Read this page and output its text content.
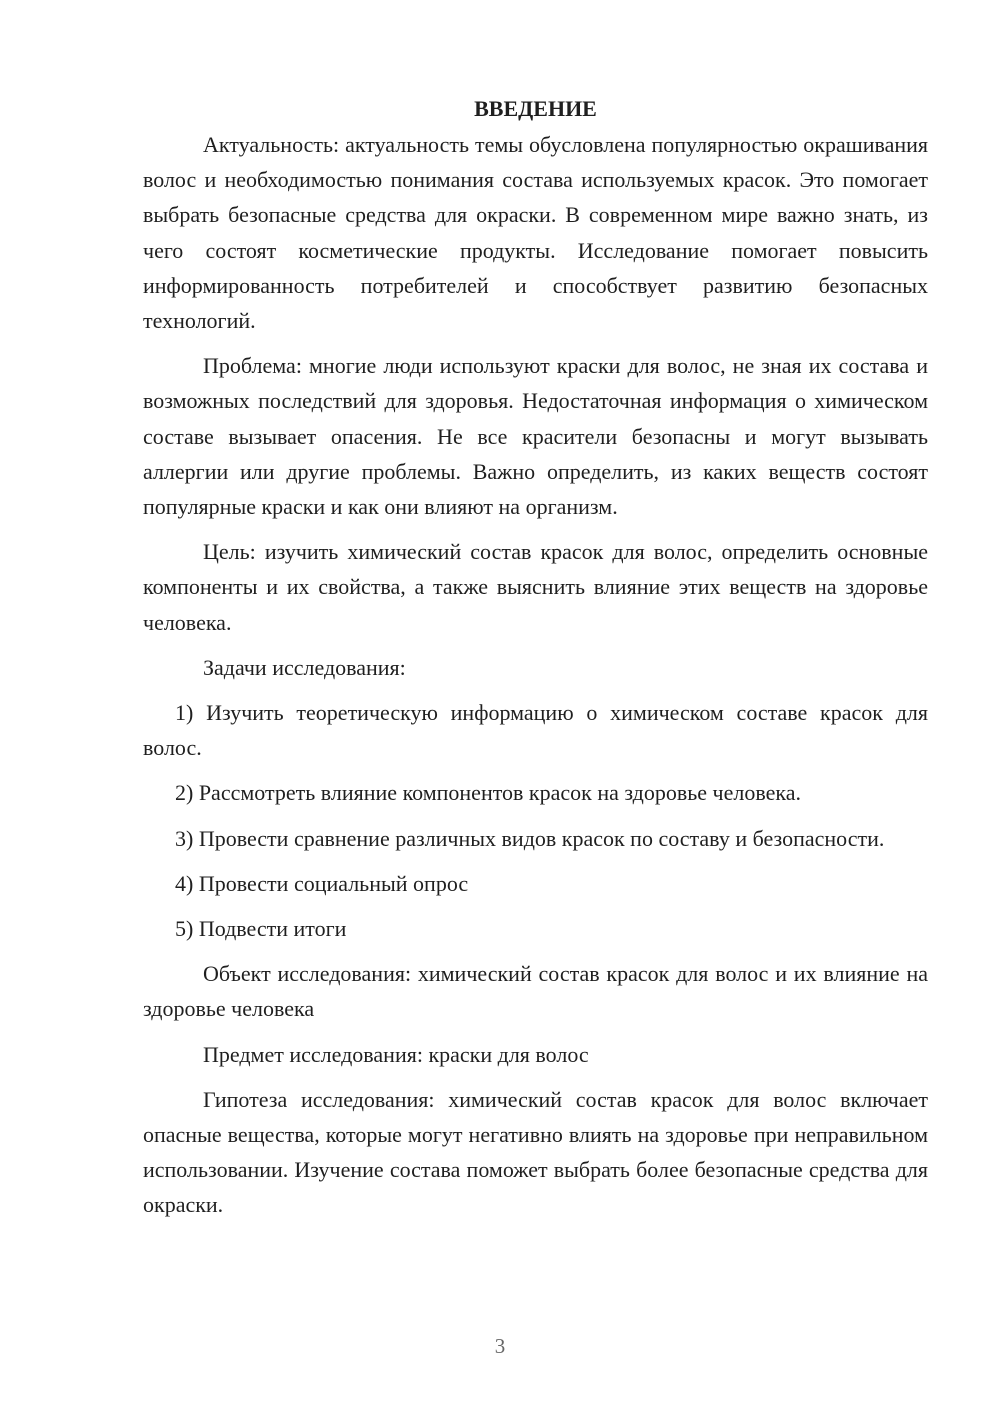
ВВЕДЕНИЕ

Актуальность: актуальность темы обусловлена популярностью окрашивания волос и необходимостью понимания состава используемых красок. Это помогает выбрать безопасные средства для окраски. В современном мире важно знать, из чего состоят косметические продукты. Исследование помогает повысить информированность потребителей и способствует развитию безопасных технологий.

Проблема: многие люди используют краски для волос, не зная их состава и возможных последствий для здоровья. Недостаточная информация о химическом составе вызывает опасения. Не все красители безопасны и могут вызывать аллергии или другие проблемы. Важно определить, из каких веществ состоят популярные краски и как они влияют на организм.

Цель: изучить химический состав красок для волос, определить основные компоненты и их свойства, а также выяснить влияние этих веществ на здоровье человека.

Задачи исследования:

1) Изучить теоретическую информацию о химическом составе красок для волос.

2) Рассмотреть влияние компонентов красок на здоровье человека.

3) Провести сравнение различных видов красок по составу и безопасности.

4) Провести социальный опрос

5) Подвести итоги

Объект исследования: химический состав красок для волос и их влияние на здоровье человека

Предмет исследования: краски для волос

Гипотеза исследования: химический состав красок для волос включает опасные вещества, которые могут негативно влиять на здоровье при неправильном использовании. Изучение состава поможет выбрать более безопасные средства для окраски.

3
